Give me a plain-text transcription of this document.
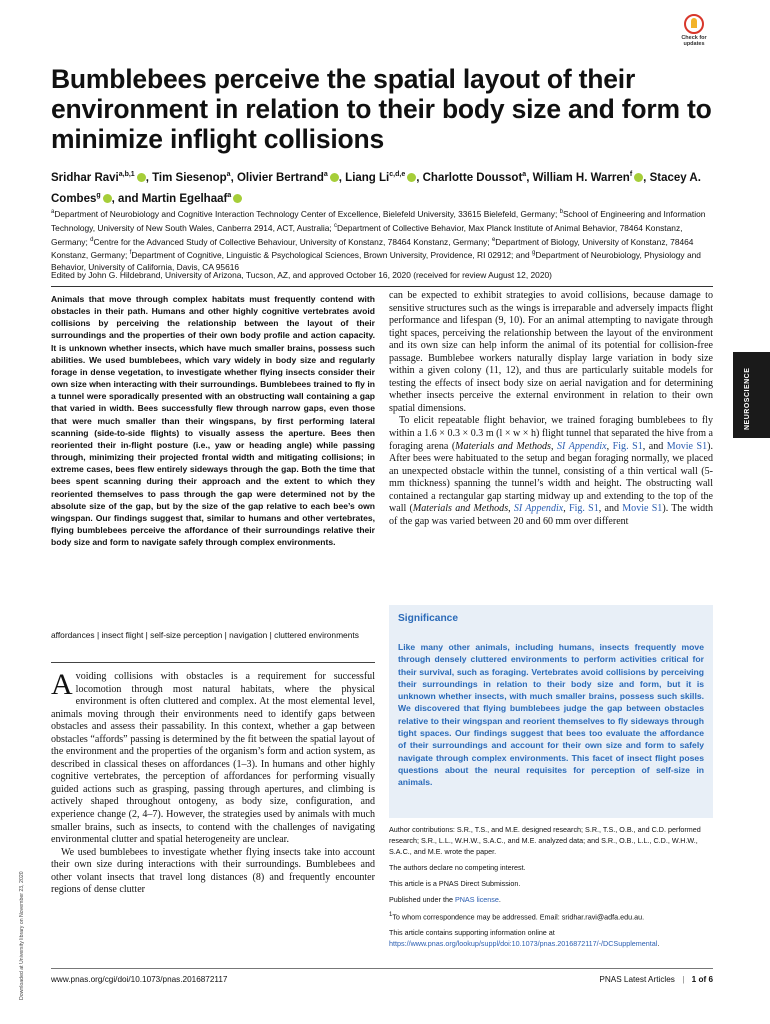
Check for
updates
Bumblebees perceive the spatial layout of their environment in relation to their body size and form to minimize inflight collisions
Sridhar Ravi$^{a,b,1}$ , Tim Siesenop$^a$, Olivier Bertrand$^a$ , Liang Li$^{c,d,e}$ , Charlotte Doussot$^a$, William H. Warren$^f$ , Stacey A. Combes$^g$ , and Martin Egelhaaf$^a$
$^a$Department of Neurobiology and Cognitive Interaction Technology Center of Excellence, Bielefeld University, 33615 Bielefeld, Germany; $^b$School of Engineering and Information Technology, University of New South Wales, Canberra 2914, ACT, Australia; $^c$Department of Collective Behavior, Max Planck Institute of Animal Behavior, 78464 Konstanz, Germany; $^d$Centre for the Advanced Study of Collective Behaviour, University of Konstanz, 78464 Konstanz, Germany; $^e$Department of Biology, University of Konstanz, 78464 Konstanz, Germany; $^f$Department of Cognitive, Linguistic & Psychological Sciences, Brown University, Providence, RI 02912; and $^g$Department of Neurobiology, Physiology and Behavior, University of California, Davis, CA 95616
Edited by John G. Hildebrand, University of Arizona, Tucson, AZ, and approved October 16, 2020 (received for review August 12, 2020)
Animals that move through complex habitats must frequently contend with obstacles in their path. Humans and other highly cognitive vertebrates avoid collisions by perceiving the relationship between the layout of their surroundings and the properties of their own body profile and action capacity. It is unknown whether insects, which have much smaller brains, possess such abilities. We used bumblebees, which vary widely in body size and regularly forage in dense vegetation, to investigate whether flying insects consider their own size when interacting with their surroundings. Bumblebees trained to fly in a tunnel were sporadically presented with an obstructing wall containing a gap that varied in width. Bees successfully flew through narrow gaps, even those that were much smaller than their wingspans, by first performing lateral scanning (side-to-side flights) to visually assess the aperture. Bees then reoriented their in-flight posture (i.e., yaw or heading angle) while passing through, minimizing their projected frontal width and mitigating collisions; in extreme cases, bees flew entirely sideways through the gap. Both the time that bees spent scanning during their approach and the extent to which they reoriented themselves to pass through the gap were determined not by the absolute size of the gap, but by the size of the gap relative to each bee’s own wingspan. Our findings suggest that, similar to humans and other vertebrates, flying bumblebees perceive the affordance of their surroundings relative their body size and form to navigate safely through complex environments.
affordances | insect flight | self-size perception | navigation | cluttered environments
Avoiding collisions with obstacles is a requirement for successful locomotion through most natural habitats, where the physical environment is often cluttered and complex. At the most elemental level, animals moving through their environments need to identify gaps between obstacles and assess their passability. In this context, whether a gap between obstacles “affords” passing is determined by the fit between the spatial layout of the environment and the properties of the organism’s form and action system, as described in classical theses on affordances (1–3). In humans and other highly cognitive vertebrates, the perception of affordances for performing visually guided actions such as grasping, passing through apertures, and climbing is actively shaped throughout ontogeny, as body size, configuration, and experience change (2, 4–7). However, the strategies used by animals with much smaller brains, such as insects, to contend with the challenges of navigating environmental clutter and spatial heterogeneity are unclear.
We used bumblebees to investigate whether flying insects take into account their own size during interactions with their surroundings. Bumblebees and other volant insects that travel long distances (8) and frequently encounter regions of dense clutter

can be expected to exhibit strategies to avoid collisions, because damage to sensitive structures such as the wings is irreparable and adversely impacts flight performance and lifespan (9, 10). For an animal attempting to navigate through tight spaces, perceiving the relationship between the layout of the environment and its own size can help inform the animal of its potential for collision-free passage. Bumblebee workers naturally display large variation in body size within a given colony (11, 12), and thus are particularly suitable models for testing the effects of insect body size on aerial navigation and for determining whether insects perceive the external environment in relation to their own spatial dimensions.

To elicit repeatable flight behavior, we trained foraging bumblebees to fly within a 1.6 × 0.3 × 0.3 m (l × w × h) flight tunnel that separated the hive from a foraging arena (Materials and Methods, SI Appendix, Fig. S1, and Movie S1). After bees were habituated to the setup and began foraging normally, we placed an unexpected obstacle within the tunnel, consisting of a thin vertical wall (5-mm thickness) spanning the tunnel’s width and height. The obstructing wall contained a rectangular gap starting midway up and extending to the top of the wall (Materials and Methods, SI Appendix, Fig. S1, and Movie S1). The width of the gap was varied between 20 and 60 mm over different

Significance
Like many other animals, including humans, insects frequently move through densely cluttered environments to perform activities critical for their survival, such as foraging. Vertebrates avoid collisions by perceiving their surroundings in relation to their body size and form, but it is unknown whether insects, with much smaller brains, possess such skills. We discovered that flying bumblebees judge the gap between obstacles relative to their wingspan and reorient themselves to fly sideways through tight spaces. Our findings suggest that bees too evaluate the affordance of their surroundings and account for their own size and form to safely navigate through complex environments. This facet of insect flight poses questions about the neural requisites for perception of self-size in animals.

Author contributions: S.R., T.S., and M.E. designed research; S.R., T.S., O.B., and C.D. performed research; S.R., L.L., W.H.W., S.A.C., and M.E. analyzed data; and S.R., O.B., L.L., C.D., W.H.W., S.A.C., and M.E. wrote the paper.

The authors declare no competing interest.

This article is a PNAS Direct Submission.

Published under the PNAS license.

$^1$To whom correspondence may be addressed. Email: sridhar.ravi@adfa.edu.au.

This article contains supporting information online at https://www.pnas.org/lookup/suppl/doi:10.1073/pnas.2016872117/-/DCSupplemental.

NEUROSCIENCE
Downloaded at University library on November 23, 2020	www.pnas.org/cgi/doi/10.1073/pnas.2016872117	PNAS Latest Articles | 1 of 6
